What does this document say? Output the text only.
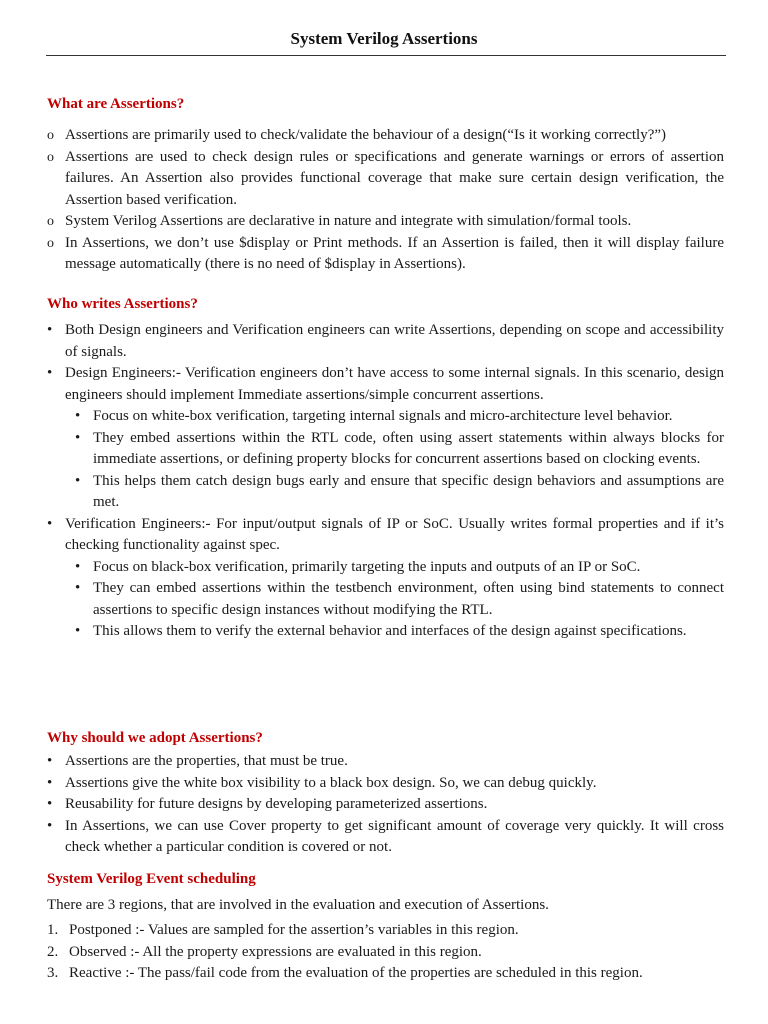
System Verilog Assertions
What are Assertions?
o Assertions are primarily used to check/validate the behaviour of a design(“Is it working correctly?”)
o Assertions are used to check design rules or specifications and generate warnings or errors of assertion failures. An Assertion also provides functional coverage that make sure certain design verification, the Assertion based verification.
o System Verilog Assertions are declarative in nature and integrate with simulation/formal tools.
o In Assertions, we don’t use $display or Print methods. If an Assertion is failed, then it will display failure message automatically (there is no need of $display in Assertions).
Who writes Assertions?
• Both Design engineers and Verification engineers can write Assertions, depending on scope and accessibility of signals.
• Design Engineers:- Verification engineers don’t have access to some internal signals. In this scenario, design engineers should implement Immediate assertions/simple concurrent assertions.
• Focus on white-box verification, targeting internal signals and micro-architecture level behavior.
• They embed assertions within the RTL code, often using assert statements within always blocks for immediate assertions, or defining property blocks for concurrent assertions based on clocking events.
• This helps them catch design bugs early and ensure that specific design behaviors and assumptions are met.
• Verification Engineers:- For input/output signals of IP or SoC. Usually writes formal properties and if it’s checking functionality against spec.
• Focus on black-box verification, primarily targeting the inputs and outputs of an IP or SoC.
• They can embed assertions within the testbench environment, often using bind statements to connect assertions to specific design instances without modifying the RTL.
• This allows them to verify the external behavior and interfaces of the design against specifications.
Why should we adopt Assertions?
• Assertions are the properties, that must be true.
• Assertions give the white box visibility to a black box design. So, we can debug quickly.
• Reusability for future designs by developing parameterized assertions.
• In Assertions, we can use Cover property to get significant amount of coverage very quickly. It will cross check whether a particular condition is covered or not.
System Verilog Event scheduling
There are 3 regions, that are involved in the evaluation and execution of Assertions.
1. Postponed :- Values are sampled for the assertion’s variables in this region.
2. Observed :- All the property expressions are evaluated in this region.
3. Reactive :- The pass/fail code from the evaluation of the properties are scheduled in this region.
